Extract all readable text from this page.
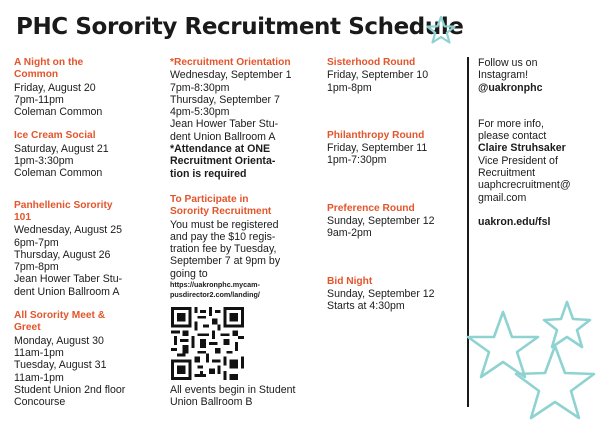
PHC Sorority Recruitment Schedule
A Night on the
Common
Friday, August 20
7pm-11pm
Coleman Common
Ice Cream Social
Saturday, August 21
1pm-3:30pm
Coleman Common
Panhellenic Sorority
101
Wednesday, August 25
6pm-7pm
Thursday, August 26
7pm-8pm
Jean Hower Taber Stu-
dent Union Ballroom A
All Sorority Meet &
Greet
Monday, August 30
11am-1pm
Tuesday, August 31
11am-1pm
Student Union 2nd floor
Concourse
*Recruitment Orientation
Wednesday, September 1
7pm-8:30pm
Thursday, September 7
4pm-5:30pm
Jean Hower Taber Stu-
dent Union Ballroom A
*Attendance at ONE
Recruitment Orienta-
tion is required
To Participate in
Sorority Recruitment
You must be registered
and pay the $10 regis-
tration fee by Tuesday,
September 7 at 9pm by
going to
https://uakronphc.mycam-
pusdirector2.com/landing/
All events begin in Student
Union Ballroom B
Sisterhood Round
Friday, September 10
1pm-8pm
Philanthropy Round
Friday, September 11
1pm-7:30pm
Preference Round
Sunday, September 12
9am-2pm
Bid Night
Sunday, September 12
Starts at 4:30pm
Follow us on
Instagram!
@uakronphc
For more info,
please contact
Claire Struhsaker
Vice President of
Recruitment
uaphcrecruitment@
gmail.com
uakron.edu/fsl
